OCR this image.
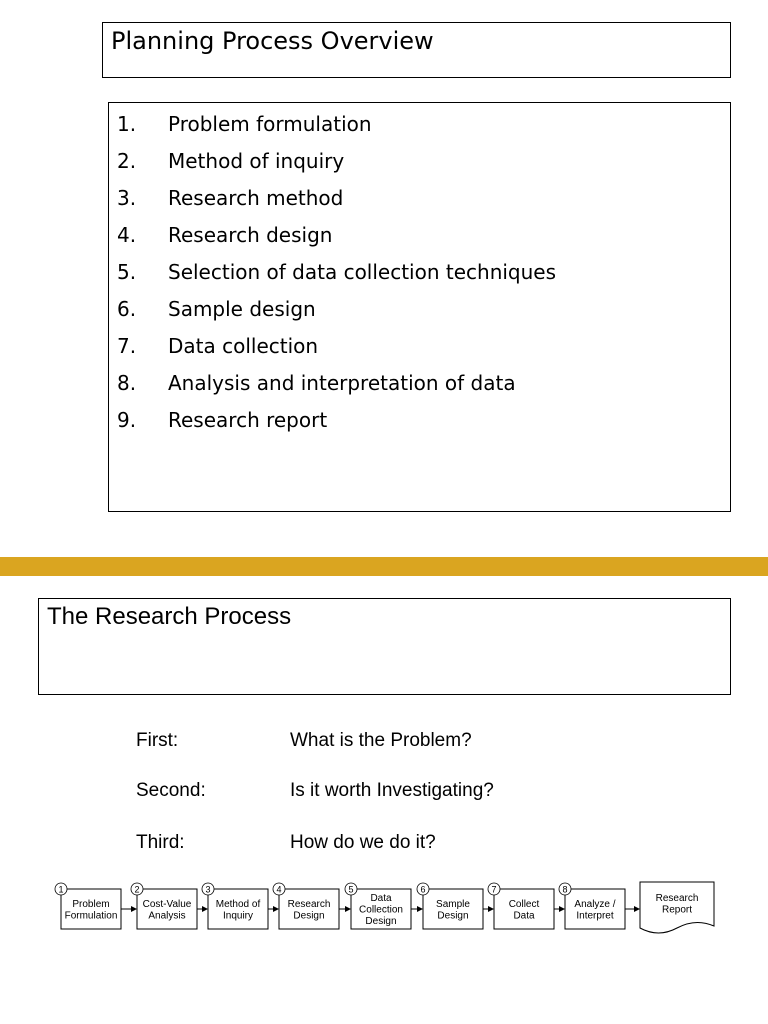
Planning Process Overview
1. Problem formulation
2. Method of inquiry
3. Research method
4. Research design
5. Selection of data collection techniques
6. Sample design
7. Data collection
8. Analysis and interpretation of data
9. Research report
The Research Process
First:	What is the Problem?
Second:	Is it worth Investigating?
Third:	How do we do it?
Problem
Formulation
1
Cost-Value
Analysis
2
Method of
Inquiry
3
Research
Design
4
Data
Collection
Design
5
Sample
Design
6
Collect
Data
7
Analyze /
Interpret
8
Research
Report
